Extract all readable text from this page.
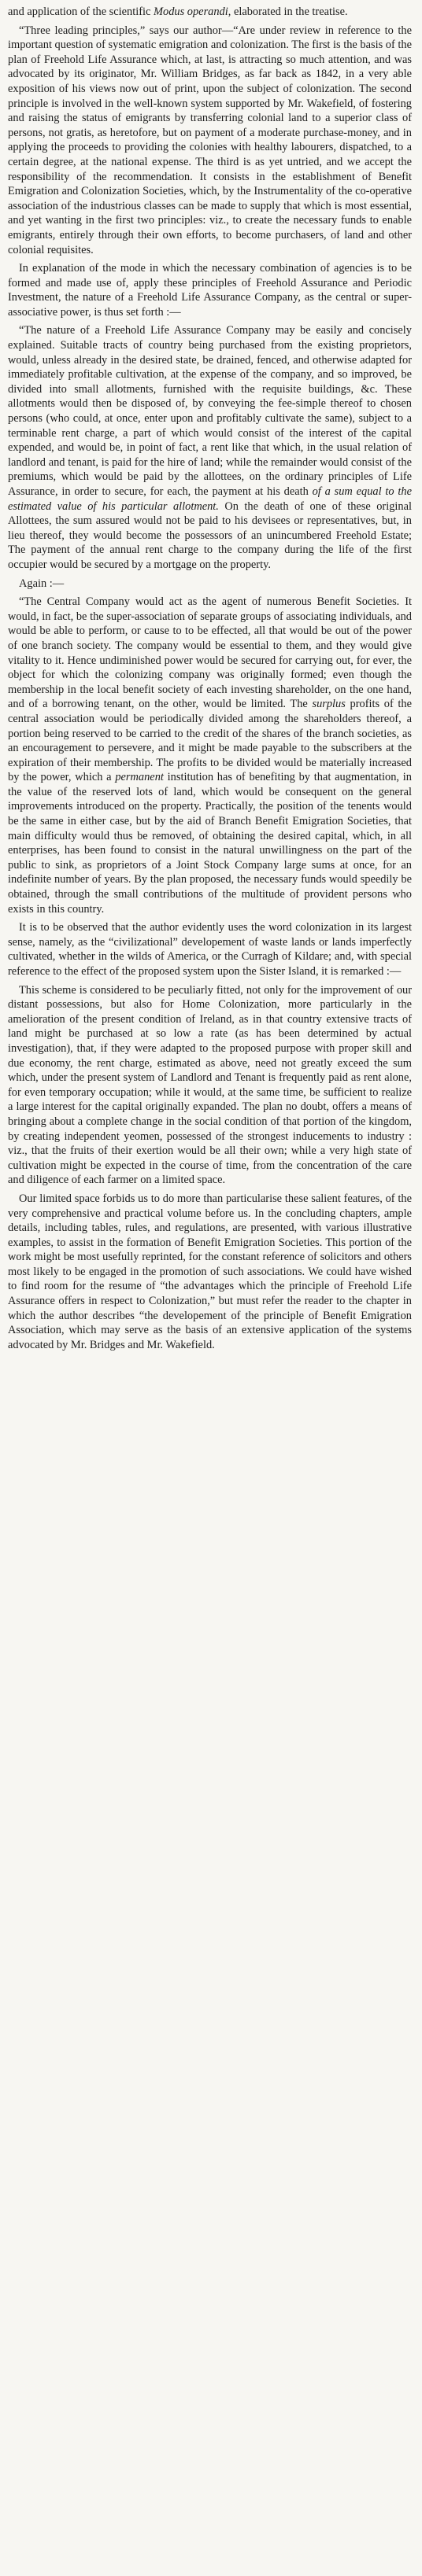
and application of the scientific Modus operandi, elaborated in the treatise.

“Three leading principles,” says our author—“Are under review in reference to the important question of systematic emigration and colonization. The first is the basis of the plan of Freehold Life Assurance which, at last, is attracting so much attention, and was advocated by its originator, Mr. William Bridges, as far back as 1842, in a very able exposition of his views now out of print, upon the subject of colonization. The second principle is involved in the well-known system supported by Mr. Wakefield, of fostering and raising the status of emigrants by transferring colonial land to a superior class of persons, not gratis, as heretofore, but on payment of a moderate purchase-money, and in applying the proceeds to providing the colonies with healthy labourers, dispatched, to a certain degree, at the national expense. The third is as yet untried, and we accept the responsibility of the recommendation. It consists in the establishment of Benefit Emigration and Colonization Societies, which, by the Instrumentality of the co-operative association of the industrious classes can be made to supply that which is most essential, and yet wanting in the first two principles: viz., to create the necessary funds to enable emigrants, entirely through their own efforts, to become purchasers, of land and other colonial requisites.

In explanation of the mode in which the necessary combination of agencies is to be formed and made use of, apply these principles of Freehold Assurance and Periodic Investment, the nature of a Freehold Life Assurance Company, as the central or super-associative power, is thus set forth :—

“The nature of a Freehold Life Assurance Company may be easily and concisely explained. Suitable tracts of country being purchased from the existing proprietors, would, unless already in the desired state, be drained, fenced, and otherwise adapted for immediately profitable cultivation, at the expense of the company, and so improved, be divided into small allotments, furnished with the requisite buildings, &c. These allotments would then be disposed of, by conveying the fee-simple thereof to chosen persons (who could, at once, enter upon and profitably cultivate the same), subject to a terminable rent charge, a part of which would consist of the interest of the capital expended, and would be, in point of fact, a rent like that which, in the usual relation of landlord and tenant, is paid for the hire of land; while the remainder would consist of the premiums, which would be paid by the allottees, on the ordinary principles of Life Assurance, in order to secure, for each, the payment at his death of a sum equal to the estimated value of his particular allotment. On the death of one of these original Allottees, the sum assured would not be paid to his devisees or representatives, but, in lieu thereof, they would become the possessors of an unincumbered Freehold Estate; The payment of the annual rent charge to the company during the life of the first occupier would be secured by a mortgage on the property.

Again :—

“The Central Company would act as the agent of numerous Benefit Societies. It would, in fact, be the super-association of separate groups of associating individuals, and would be able to perform, or cause to to be effected, all that would be out of the power of one branch society. The company would be essential to them, and they would give vitality to it. Hence undiminished power would be secured for carrying out, for ever, the object for which the colonizing company was originally formed; even though the membership in the local benefit society of each investing shareholder, on the one hand, and of a borrowing tenant, on the other, would be limited. The surplus profits of the central association would be periodically divided among the shareholders thereof, a portion being reserved to be carried to the credit of the shares of the branch societies, as an encouragement to persevere, and it might be made payable to the subscribers at the expiration of their membership. The profits to be divided would be materially increased by the power, which a permanent institution has of benefiting by that augmentation, in the value of the reserved lots of land, which would be consequent on the general improvements introduced on the property. Practically, the position of the tenents would be the same in either case, but by the aid of Branch Benefit Emigration Societies, that main difficulty would thus be removed, of obtaining the desired capital, which, in all enterprises, has been found to consist in the natural unwillingness on the part of the public to sink, as proprietors of a Joint Stock Company large sums at once, for an indefinite number of years. By the plan proposed, the necessary funds would speedily be obtained, through the small contributions of the multitude of provident persons who exists in this country.

It is to be observed that the author evidently uses the word colonization in its largest sense, namely, as the “civilizational” developement of waste lands or lands imperfectly cultivated, whether in the wilds of America, or the Curragh of Kildare; and, with special reference to the effect of the proposed system upon the Sister Island, it is remarked :—

This scheme is considered to be peculiarly fitted, not only for the improvement of our distant possessions, but also for Home Colonization, more particularly in the amelioration of the present condition of Ireland, as in that country extensive tracts of land might be purchased at so low a rate (as has been determined by actual investigation), that, if they were adapted to the proposed purpose with proper skill and due economy, the rent charge, estimated as above, need not greatly exceed the sum which, under the present system of Landlord and Tenant is frequently paid as rent alone, for even temporary occupation; while it would, at the same time, be sufficient to realize a large interest for the capital originally expanded. The plan no doubt, offers a means of bringing about a complete change in the social condition of that portion of the kingdom, by creating independent yeomen, possessed of the strongest inducements to industry : viz., that the fruits of their exertion would be all their own; while a very high state of cultivation might be expected in the course of time, from the concentration of the care and diligence of each farmer on a limited space.

Our limited space forbids us to do more than particularise these salient features, of the very comprehensive and practical volume before us. In the concluding chapters, ample details, including tables, rules, and regulations, are presented, with various illustrative examples, to assist in the formation of Benefit Emigration Societies. This portion of the work might be most usefully reprinted, for the constant reference of solicitors and others most likely to be engaged in the promotion of such associations. We could have wished to find room for the resume of “the advantages which the principle of Freehold Life Assurance offers in respect to Colonization,” but must refer the reader to the chapter in which the author describes “the developement of the principle of Benefit Emigration Association, which may serve as the basis of an extensive application of the systems advocated by Mr. Bridges and Mr. Wakefield.
